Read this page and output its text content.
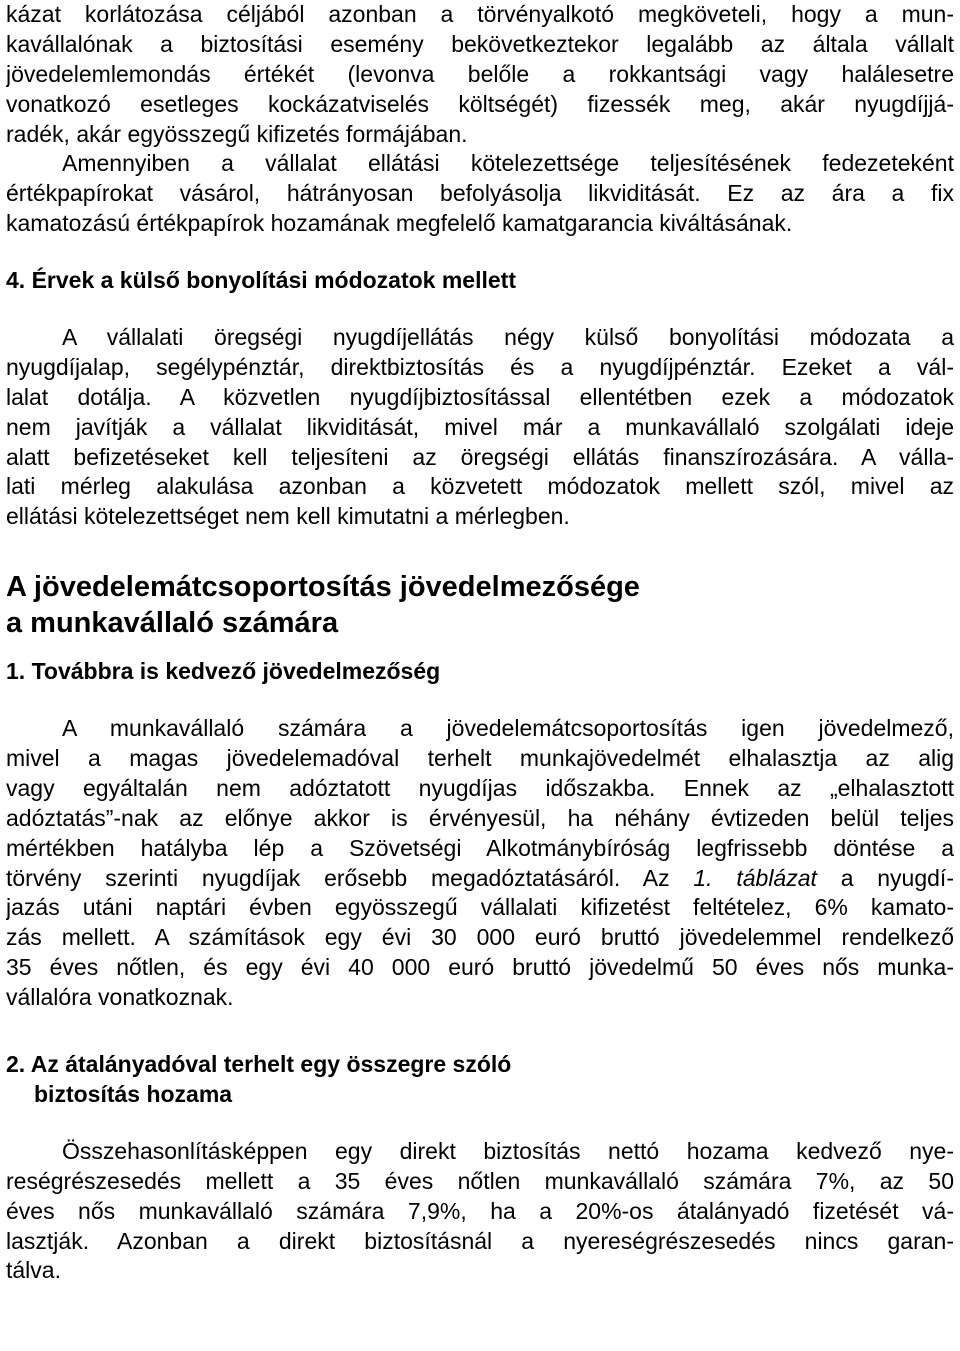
kázat korlátozása céljából azonban a törvényalkotó megköveteli, hogy a mun-
kavállalónak a biztosítási esemény bekövetkeztekor legalább az általa vállalt
jövedelemlemondás értékét (levonva belőle a rokkantsági vagy halálesetre
vonatkozó esetleges kockázatviselés költségét) fizessék meg, akár nyugdíjjá-
radék, akár egyösszegű kifizetés formájában.
Amennyiben a vállalat ellátási kötelezettsége teljesítésének fedezeteként
értékpapírokat vásárol, hátrányosan befolyásolja likviditását. Ez az ára a fix
kamatozású értékpapírok hozamának megfelelő kamatgarancia kiváltásának.
4. Érvek a külső bonyolítási módozatok mellett
A vállalati öregségi nyugdíjellátás négy külső bonyolítási módozata a
nyugdíjalap, segélypénztár, direktbiztosítás és a nyugdíjpénztár. Ezeket a vál-
lalat dotálja. A közvetlen nyugdíjbiztosítással ellentétben ezek a módozatok
nem javítják a vállalat likviditását, mivel már a munkavállaló szolgálati ideje
alatt befizetéseket kell teljesíteni az öregségi ellátás finanszírozására. A válla-
lati mérleg alakulása azonban a közvetett módozatok mellett szól, mivel az
ellátási kötelezettséget nem kell kimutatni a mérlegben.
A jövedelemátcsoportosítás jövedelmezősége
a munkavállaló számára
1. Továbbra is kedvező jövedelmezőség
A munkavállaló számára a jövedelemátcsoportosítás igen jövedelmező,
mivel a magas jövedelemadóval terhelt munkajövedelmét elhalasztja az alig
vagy egyáltalán nem adóztatott nyugdíjas időszakba. Ennek az „elhalasztott
adóztatás”-nak az előnye akkor is érvényesül, ha néhány évtizeden belül teljes
mértékben hatályba lép a Szövetségi Alkotmánybíróság legfrissebb döntése a
törvény szerinti nyugdíjak erősebb megadóztatásáról. Az 1. táblázat a nyugdí-
jazás utáni naptári évben egyösszegű vállalati kifizetést feltételez, 6% kamato-
zás mellett. A számítások egy évi 30 000 euró bruttó jövedelemmel rendelkező
35 éves nőtlen, és egy évi 40 000 euró bruttó jövedelmű 50 éves nős munka-
vállalóra vonatkoznak.
2. Az átalányadóval terhelt egy összegre szóló
biztosítás hozama
Összehasonlításképpen egy direkt biztosítás nettó hozama kedvező nye-
reségrészesedés mellett a 35 éves nőtlen munkavállaló számára 7%, az 50
éves nős munkavállaló számára 7,9%, ha a 20%-os átalányadó fizetését vá-
lasztják. Azonban a direkt biztosításnál a nyereségrészesedés nincs garan-
tálva.
